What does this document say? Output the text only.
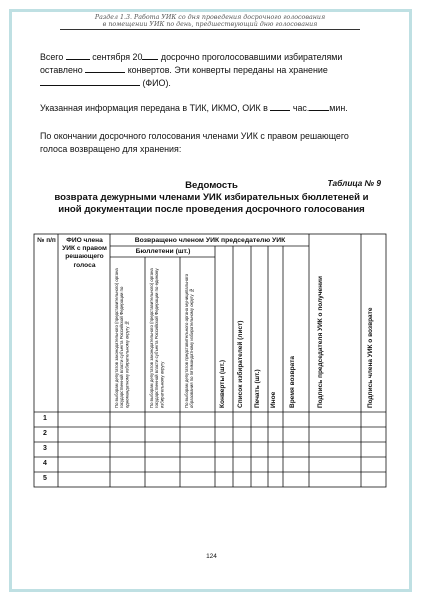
Раздел 1.3. Работа УИК со дня проведения досрочного голосования
в помещении УИК по день, предшествующий дню голосования
Всего	сентября 20 досрочно проголосовавшими избирателями
оставлено	конвертов. Эти конверты переданы на хранение
(ФИО).
Указанная информация передана в ТИК, ИКМО, ОИК в	час. мин.
По окончании досрочного голосования членами УИК с правом решающего
голоса возвращено для хранения:
Таблица № 9
Ведомость
возврата дежурными членами УИК избирательных бюллетеней и
иной документации после проведения досрочного голосования
№ п/п	ФИО члена УИК с правом решающего голоса
Возвращено членом УИК председателю УИК
Бюллетени (шт.)
По выборам депутатов законодательного (представительного) органа государственной власти субъекта Российской Федерации по одномандатному избирательному округу №	По выборам депутатов законодательного (представительного) органа государственной власти субъекта Российской Федерации по единому избирательному округу	По выборам депутатов представительного органа муниципального образования по пятимандатному избирательному округу №	Конверты (шт.)	Список избирателей (лист)	Печать (шт.)	Иное	Время возврата	Подпись председателя УИК о получении	Подпись члена УИК о возврате
1
2
3
4
5
124
